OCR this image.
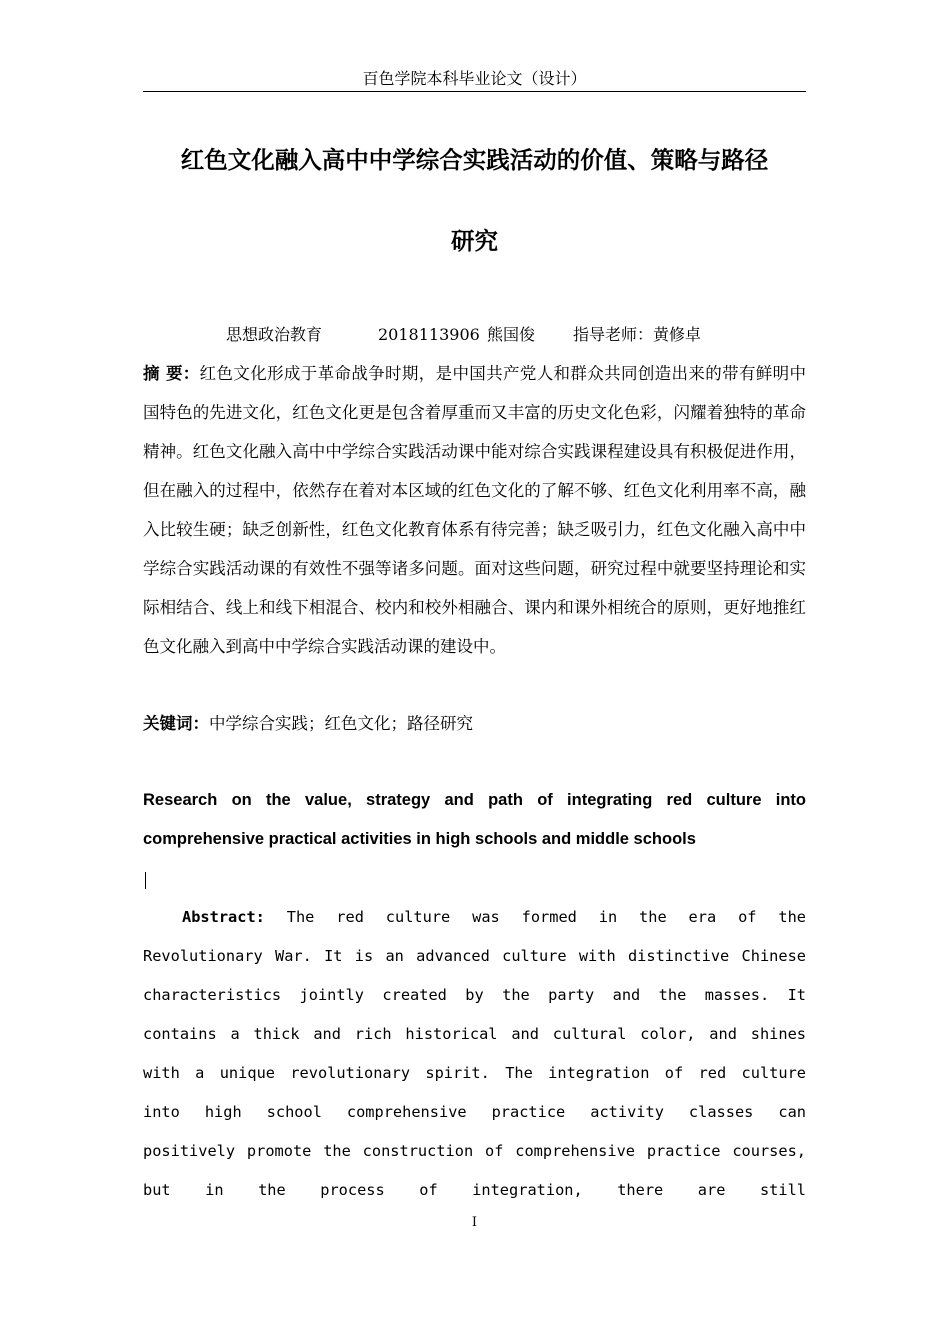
百色学院本科毕业论文（设计）
红色文化融入高中中学综合实践活动的价值、策略与路径
研究
思想政治教育	2018113906 熊国俊 指导老师：黄修卓
摘 要：红色文化形成于革命战争时期，是中国共产党人和群众共同创造出来的带有鲜明中国特色的先进文化，红色文化更是包含着厚重而又丰富的历史文化色彩，闪耀着独特的革命精神。红色文化融入高中中学综合实践活动课中能对综合实践课程建设具有积极促进作用，但在融入的过程中，依然存在着对本区域的红色文化的了解不够、红色文化利用率不高，融入比较生硬；缺乏创新性，红色文化教育体系有待完善；缺乏吸引力，红色文化融入高中中学综合实践活动课的有效性不强等诸多问题。面对这些问题，研究过程中就要坚持理论和实际相结合、线上和线下相混合、校内和校外相融合、课内和课外相统合的原则，更好地推红色文化融入到高中中学综合实践活动课的建设中。
关键词：中学综合实践；红色文化；路径研究
Research on the value, strategy and path of integrating red culture into comprehensive practical activities in high schools and middle schools
Abstract: The red culture was formed in the era of the Revolutionary War. It is an advanced culture with distinctive Chinese characteristics jointly created by the party and the masses. It contains a thick and rich historical and cultural color, and shines with a unique revolutionary spirit. The integration of red culture into high school comprehensive practice activity classes can positively promote the construction of comprehensive practice courses, but in the process of integration, there are still
I
